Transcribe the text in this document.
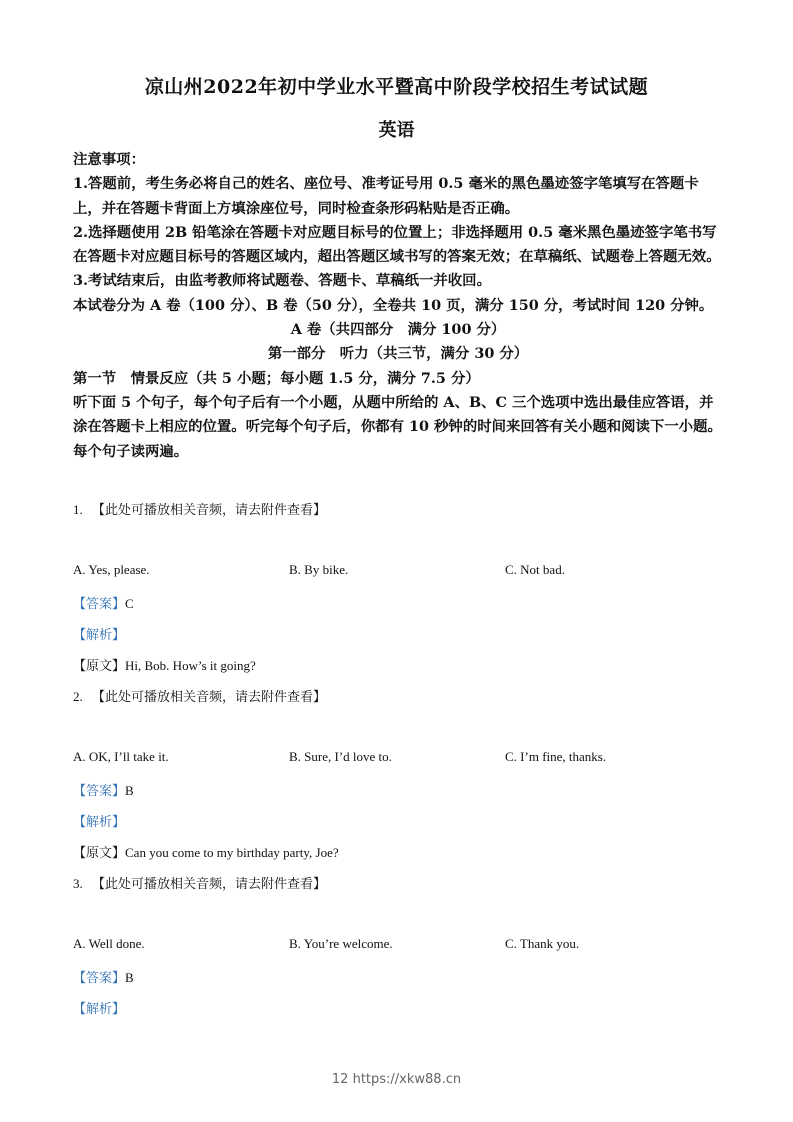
凉山州2022年初中学业水平暨高中阶段学校招生考试试题
英语

注意事项：

1.答题前，考生务必将自己的姓名、座位号、准考证号用 0.5 毫米的黑色墨迹签字笔填写在答题卡上，并在答题卡背面上方填涂座位号，同时检查条形码粘贴是否正确。

2.选择题使用 2B 铅笔涂在答题卡对应题目标号的位置上；非选择题用 0.5 毫米黑色墨迹签字笔书写在答题卡对应题目标号的答题区域内，超出答题区域书写的答案无效；在草稿纸、试题卷上答题无效。

3.考试结束后，由监考教师将试题卷、答题卡、草稿纸一并收回。

本试卷分为 A 卷（100 分）、B 卷（50 分），全卷共 10 页，满分 150 分，考试时间 120 分钟。

A 卷（共四部分　满分 100 分）

第一部分　听力（共三节，满分 30 分）

第一节　情景反应（共 5 小题；每小题 1.5 分，满分 7.5 分）

听下面 5 个句子，每个句子后有一个小题，从题中所给的 A、B、C 三个选项中选出最佳应答语，并涂在答题卡上相应的位置。听完每个句子后，你都有 10 秒钟的时间来回答有关小题和阅读下一小题。每个句子读两遍。

1. 【此处可播放相关音频，请去附件查看】
A. Yes, please.	B. By bike.	C. Not bad.
【答案】C
【解析】
【原文】Hi, Bob. How’s it going?
2. 【此处可播放相关音频，请去附件查看】
A. OK, I’ll take it.	B. Sure, I’d love to.	C. I’m fine, thanks.
【答案】B
【解析】
【原文】Can you come to my birthday party, Joe?
3. 【此处可播放相关音频，请去附件查看】
A. Well done.	B. You’re welcome.	C. Thank you.
【答案】B
【解析】
12 https://xkw88.cn
